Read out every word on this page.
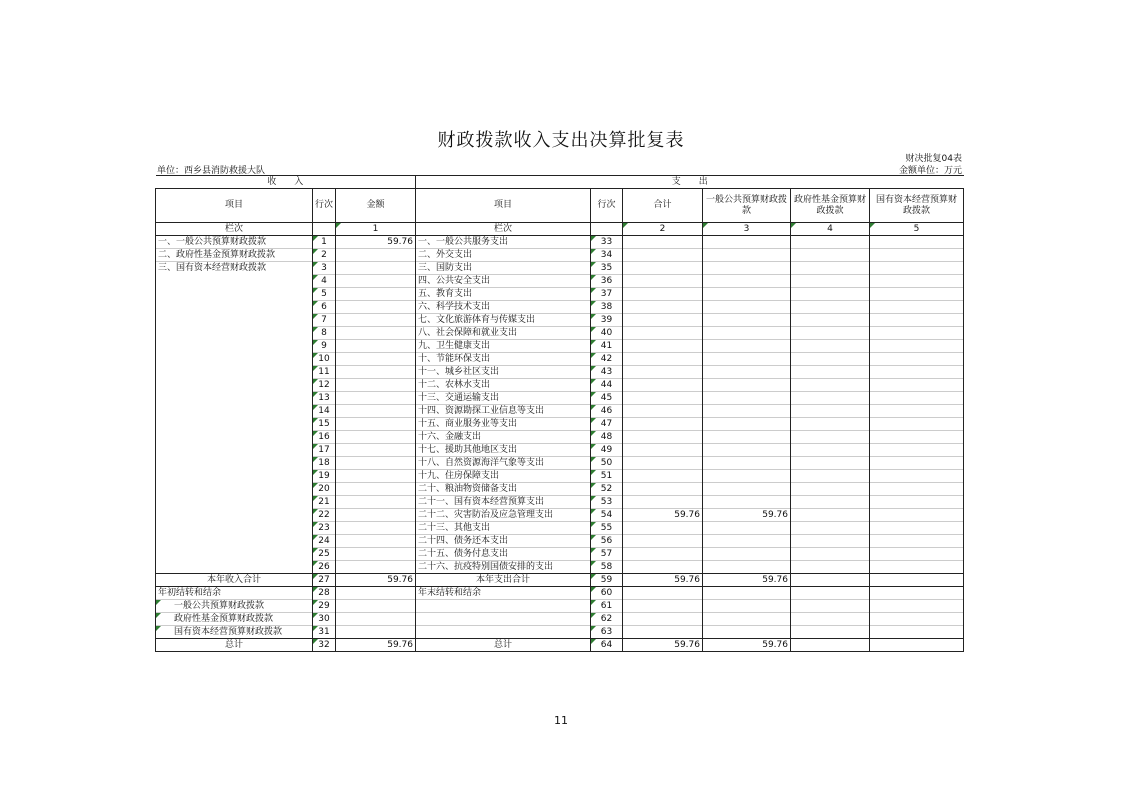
财政拨款收入支出决算批复表
财决批复04表
单位：西乡县消防救援大队	金额单位：万元
收　　入			支　　出					
项目	行次	金额	项目	行次	合计	一般公共预算财政拨款	政府性基金预算财政拨款	国有资本经营预算财政拨款
栏次		1	栏次		2	3	4	5
一、一般公共预算财政拨款	1	59.76	一、一般公共服务支出	33				
二、政府性基金预算财政拨款	2		二、外交支出	34				
三、国有资本经营财政拨款	3		三、国防支出	35				
	4		四、公共安全支出	36				
	5		五、教育支出	37				
	6		六、科学技术支出	38				
	7		七、文化旅游体育与传媒支出	39				
	8		八、社会保障和就业支出	40				
	9		九、卫生健康支出	41				
	10		十、节能环保支出	42				
	11		十一、城乡社区支出	43				
	12		十二、农林水支出	44				
	13		十三、交通运输支出	45				
	14		十四、资源勘探工业信息等支出	46				
	15		十五、商业服务业等支出	47				
	16		十六、金融支出	48				
	17		十七、援助其他地区支出	49				
	18		十八、自然资源海洋气象等支出	50				
	19		十九、住房保障支出	51				
	20		二十、粮油物资储备支出	52				
	21		二十一、国有资本经营预算支出	53				
	22		二十二、灾害防治及应急管理支出	54	59.76	59.76		
	23		二十三、其他支出	55				
	24		二十四、债务还本支出	56				
	25		二十五、债务付息支出	57				
	26		二十六、抗疫特别国债安排的支出	58				
本年收入合计	27	59.76	本年支出合计	59	59.76	59.76		
年初结转和结余	28		年末结转和结余	60				
一般公共预算财政拨款	29			61				
政府性基金预算财政拨款	30			62				
国有资本经营预算财政拨款	31			63				
总计	32	59.76	总计	64	59.76	59.76		
11
